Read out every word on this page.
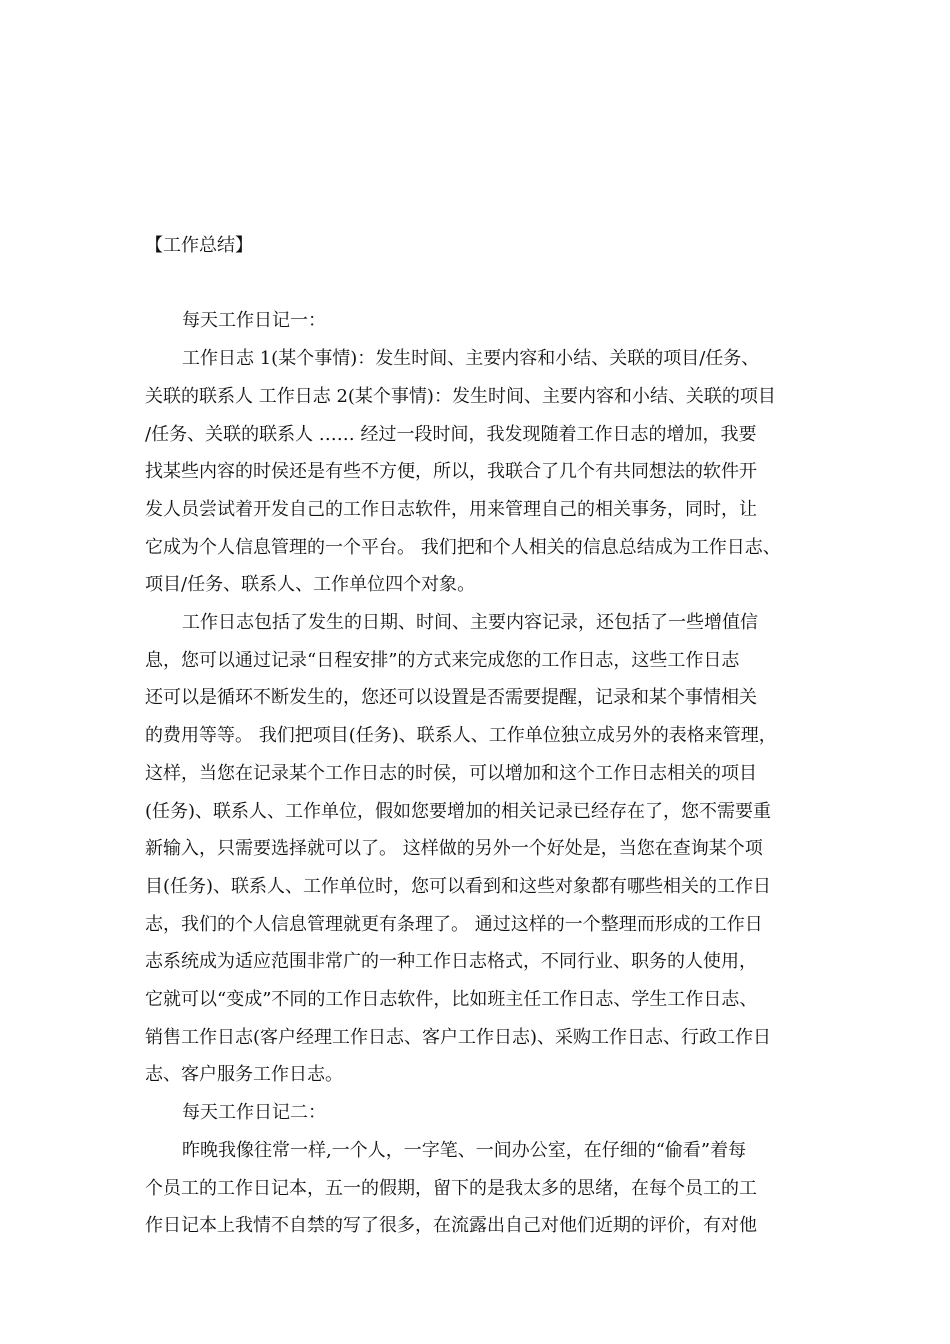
【工作总结】
每天工作日记一：
工作日志 1(某个事情)：发生时间、主要内容和小结、关联的项目/任务、
关联的联系人 工作日志 2(某个事情)：发生时间、主要内容和小结、关联的项目
/任务、关联的联系人 …… 经过一段时间，我发现随着工作日志的增加，我要
找某些内容的时侯还是有些不方便，所以，我联合了几个有共同想法的软件开
发人员尝试着开发自己的工作日志软件，用来管理自己的相关事务，同时，让
它成为个人信息管理的一个平台。 我们把和个人相关的信息总结成为工作日志、
项目/任务、联系人、工作单位四个对象。
工作日志包括了发生的日期、时间、主要内容记录，还包括了一些增值信
息，您可以通过记录“日程安排”的方式来完成您的工作日志，这些工作日志
还可以是循环不断发生的，您还可以设置是否需要提醒，记录和某个事情相关
的费用等等。 我们把项目(任务)、联系人、工作单位独立成另外的表格来管理，
这样，当您在记录某个工作日志的时侯，可以增加和这个工作日志相关的项目
(任务)、联系人、工作单位，假如您要增加的相关记录已经存在了，您不需要重
新输入，只需要选择就可以了。 这样做的另外一个好处是，当您在查询某个项
目(任务)、联系人、工作单位时，您可以看到和这些对象都有哪些相关的工作日
志，我们的个人信息管理就更有条理了。 通过这样的一个整理而形成的工作日
志系统成为适应范围非常广的一种工作日志格式，不同行业、职务的人使用，
它就可以“变成”不同的工作日志软件，比如班主任工作日志、学生工作日志、
销售工作日志(客户经理工作日志、客户工作日志)、采购工作日志、行政工作日
志、客户服务工作日志。
每天工作日记二：
昨晚我像往常一样,一个人，一字笔、一间办公室，在仔细的“偷看”着每
个员工的工作日记本，五一的假期，留下的是我太多的思绪，在每个员工的工
作日记本上我情不自禁的写了很多，在流露出自己对他们近期的评价，有对他
